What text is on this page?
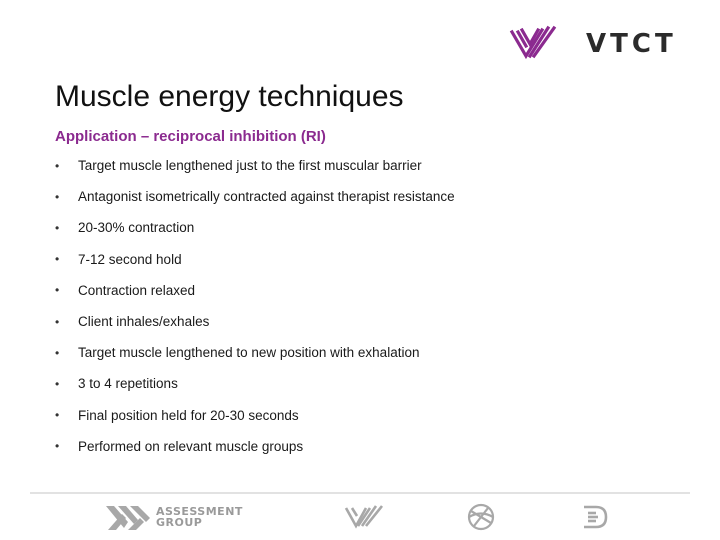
VTCT
Muscle energy techniques
Application – reciprocal inhibition (RI)
•	Target muscle lengthened just to the first muscular barrier
•	Antagonist isometrically contracted against therapist resistance
•	20-30% contraction
•	7-12 second hold
•	Contraction relaxed
•	Client inhales/exhales
•	Target muscle lengthened to new position with exhalation
•	3 to 4 repetitions
•	Final position held for 20-30 seconds
•	Performed on relevant muscle groups
ASSESSMENT
GROUP
